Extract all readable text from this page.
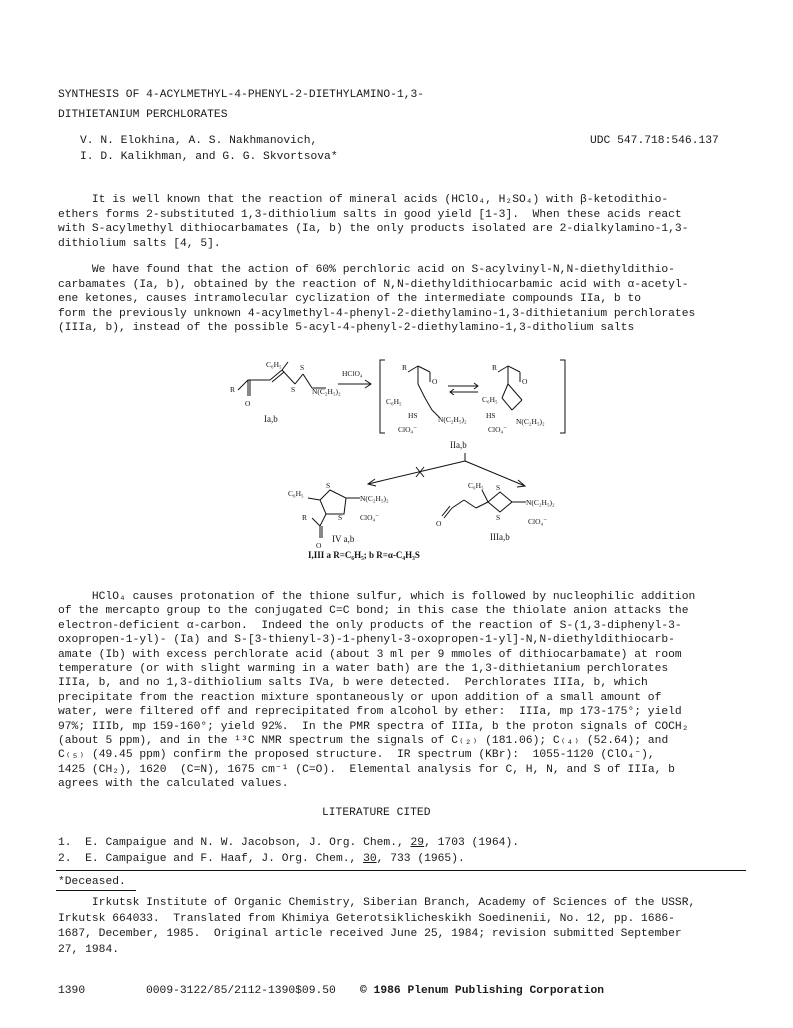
SYNTHESIS OF 4-ACYLMETHYL-4-PHENYL-2-DIETHYLAMINO-1,3-
DITHIETANIUM PERCHLORATES
V. N. Elokhina, A. S. Nakhmanovich,
I. D. Kalikhman, and G. G. Skvortsova*
UDC 547.718:546.137
It is well known that the reaction of mineral acids (HClO₄, H₂SO₄) with β-ketodithio-
ethers forms 2-substituted 1,3-dithiolium salts in good yield [1-3].  When these acids react
with S-acylmethyl dithiocarbamates (Ia, b) the only products isolated are 2-dialkylamino-1,3-
dithiolium salts [4, 5].
We have found that the action of 60% perchloric acid on S-acylvinyl-N,N-diethyldithio-
carbamates (Ia, b), obtained by the reaction of N,N-diethyldithiocarbamic acid with α-acetyl-
ene ketones, causes intramolecular cyclization of the intermediate compounds IIa, b to
form the previously unknown 4-acylmethyl-4-phenyl-2-diethylamino-1,3-dithietanium perchlorates
(IIIa, b), instead of the possible 5-acyl-4-phenyl-2-diethylamino-1,3-ditholium salts
C₆H₅
R
O
S
S
N(C₂H₅)₂
Ia,b
HClO₄
R
O
C₆H₅
HS
ClO₄⁻
N(C₂H₅)₂
R
O
C₆H₅
HS
ClO₄⁻
N(C₂H₅)₂
IIa,b
C₆H₅
S
S
N(C₂H₅)₂
R
O
ClO₄⁻
IV a,b
O
C₆H₅ S
S
N(C₂H₅)₂
ClO₄⁻
IIIa,b
I,III a R=C₆H₅; b R=α-C₄H₃S
HClO₄ causes protonation of the thione sulfur, which is followed by nucleophilic addition
of the mercapto group to the conjugated C=C bond; in this case the thiolate anion attacks the
electron-deficient α-carbon.  Indeed the only products of the reaction of S-(1,3-diphenyl-3-
oxopropen-1-yl)- (Ia) and S-[3-thienyl-3)-1-phenyl-3-oxopropen-1-yl]-N,N-diethyldithiocarb-
amate (Ib) with excess perchlorate acid (about 3 ml per 9 mmoles of dithiocarbamate) at room
temperature (or with slight warming in a water bath) are the 1,3-dithietanium perchlorates
IIIa, b, and no 1,3-dithiolium salts IVa, b were detected.  Perchlorates IIIa, b, which
precipitate from the reaction mixture spontaneously or upon addition of a small amount of
water, were filtered off and reprecipitated from alcohol by ether:  IIIa, mp 173-175°; yield
97%; IIIb, mp 159-160°; yield 92%.  In the PMR spectra of IIIa, b the proton signals of COCH₂
(about 5 ppm), and in the ¹³C NMR spectrum the signals of C₍₂₎ (181.06); C₍₄₎ (52.64); and
C₍₅₎ (49.45 ppm) confirm the proposed structure.  IR spectrum (KBr):  1055-1120 (ClO₄⁻),
1425 (CH₂), 1620  (C=N), 1675 cm⁻¹ (C=O).  Elemental analysis for C, H, N, and S of IIIa, b
agrees with the calculated values.
LITERATURE CITED
1. E. Campaigue and N. W. Jacobson, J. Org. Chem., 29, 1703 (1964).
2. E. Campaigue and F. Haaf, J. Org. Chem., 30, 733 (1965).
*Deceased.
Irkutsk Institute of Organic Chemistry, Siberian Branch, Academy of Sciences of the USSR,
Irkutsk 664033.  Translated from Khimiya Geterotsiklicheskikh Soedinenii, No. 12, pp. 1686-
1687, December, 1985.  Original article received June 25, 1984; revision submitted September
27, 1984.
1390	0009-3122/85/2112-1390$09.50 © 1986 Plenum Publishing Corporation
